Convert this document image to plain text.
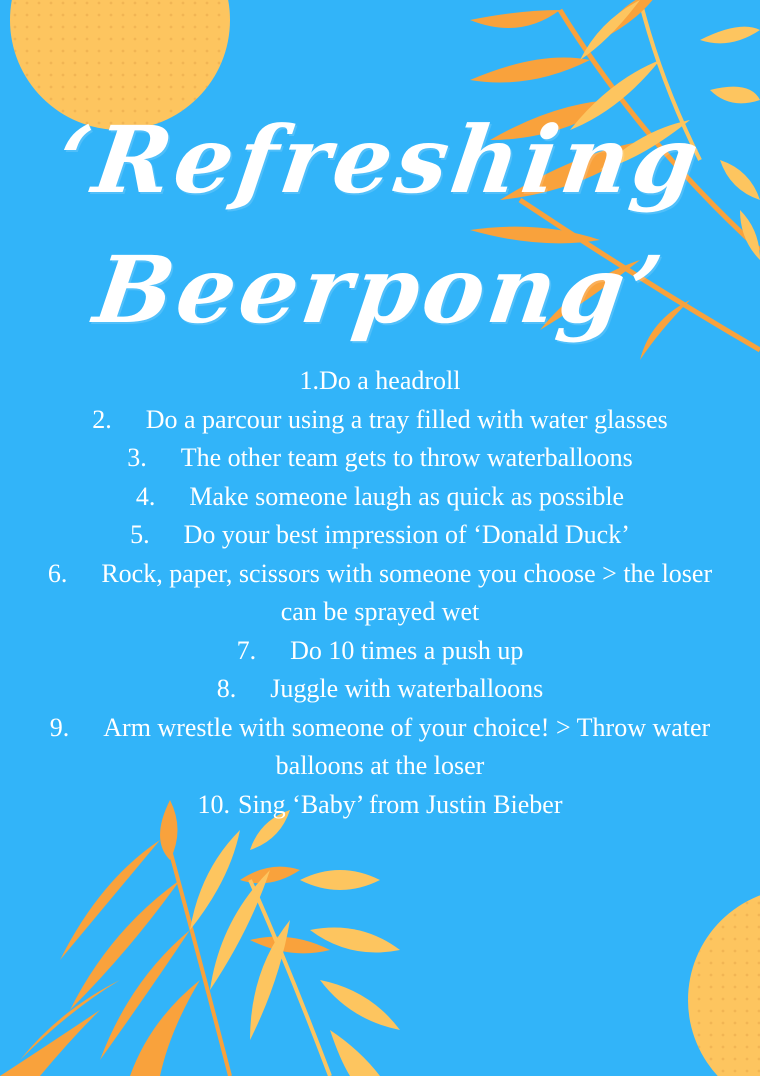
‘Refreshing
Beerpong’
1.Do a headroll
2. Do a parcour using a tray filled with water glasses
3. The other team gets to throw waterballoons
4. Make someone laugh as quick as possible
5. Do your best impression of ‘Donald Duck’
6. Rock, paper, scissors with someone you choose > the loser
can be sprayed wet
7. Do 10 times a push up
8. Juggle with waterballoons
9. Arm wrestle with someone of your choice! > Throw water
balloons at the loser
10. Sing ‘Baby’ from Justin Bieber
